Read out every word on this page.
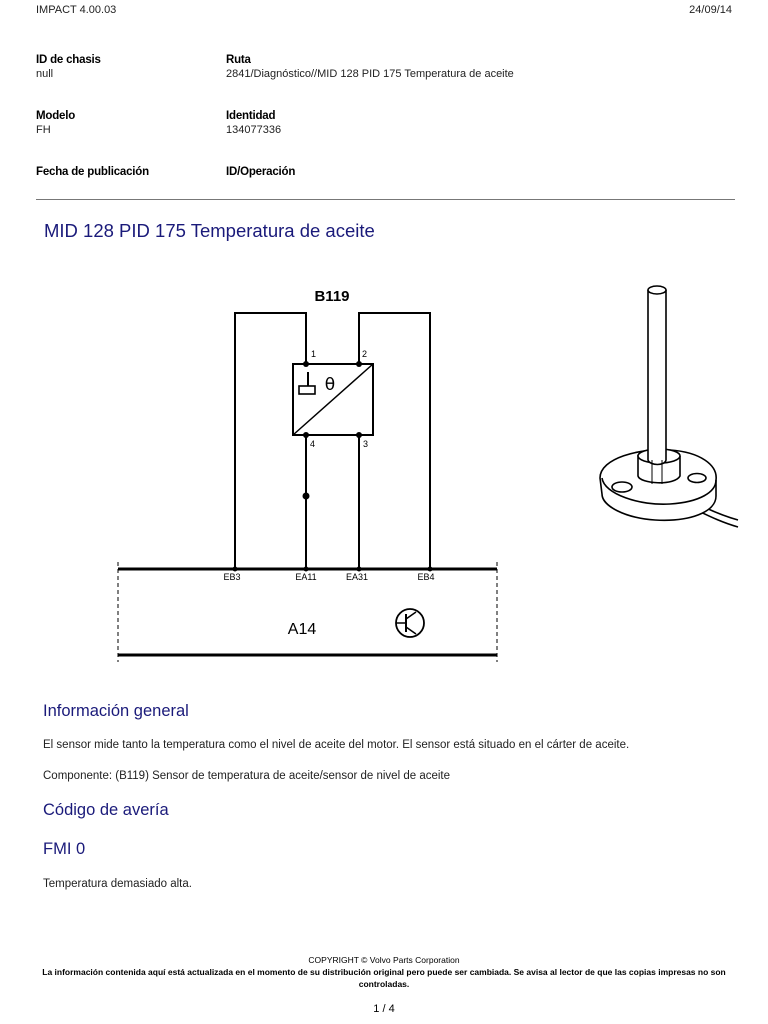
IMPACT 4.00.03	24/09/14
ID de chasis
null
Ruta
2841/Diagnóstico//MID 128 PID 175 Temperatura de aceite
Modelo
FH
Identidad
134077336
Fecha de publicación	ID/Operación
MID 128 PID 175 Temperatura de aceite
B119
θ
1	2
4	3
EB3	EA11	EA31	EB4
A14
Información general
El sensor mide tanto la temperatura como el nivel de aceite del motor. El sensor está situado en el cárter de aceite.
Componente: (B119) Sensor de temperatura de aceite/sensor de nivel de aceite
Código de avería
FMI 0
Temperatura demasiado alta.
COPYRIGHT © Volvo Parts Corporation
La información contenida aquí está actualizada en el momento de su distribución original pero puede ser cambiada. Se avisa al lector de que las copias impresas no son controladas.
1 / 4
